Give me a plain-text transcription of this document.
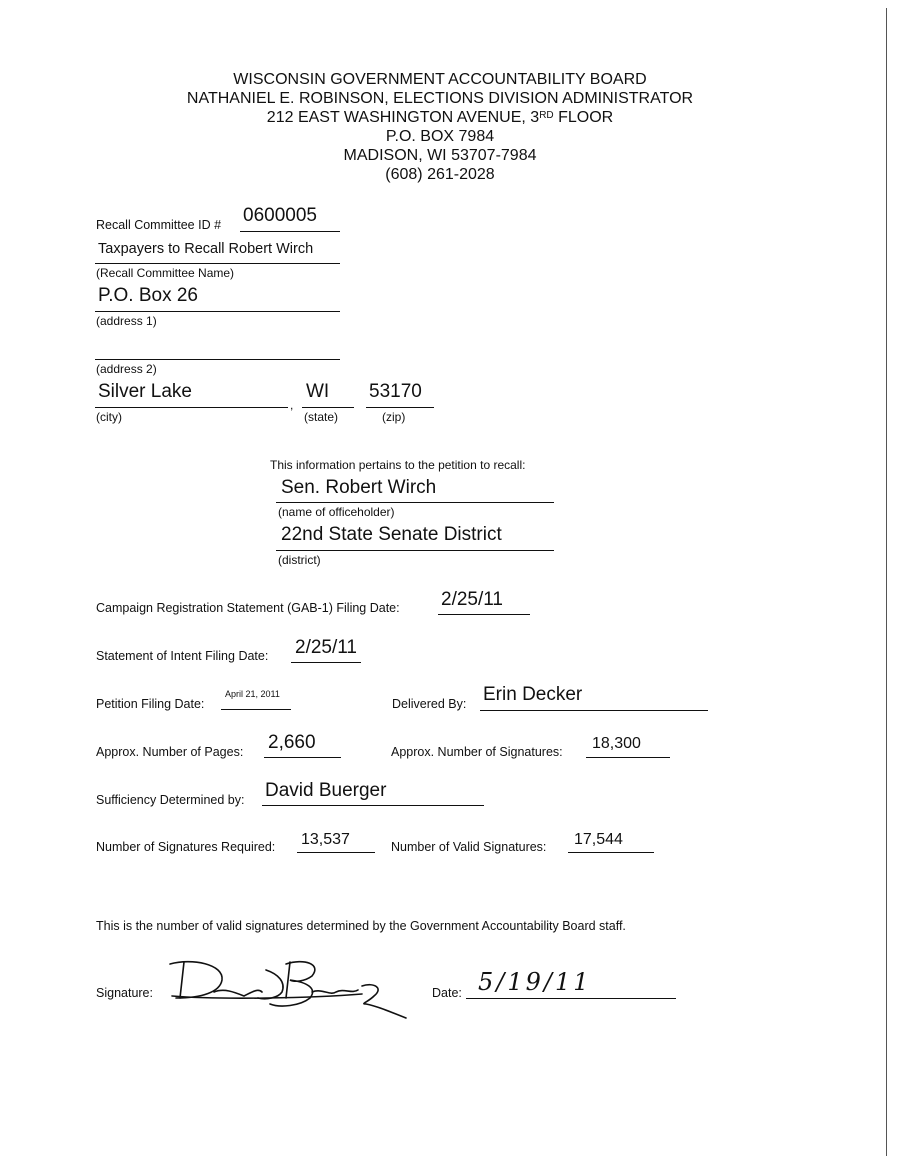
WISCONSIN GOVERNMENT ACCOUNTABILITY BOARD
NATHANIEL E. ROBINSON, ELECTIONS DIVISION ADMINISTRATOR
212 EAST WASHINGTON AVENUE, 3RD FLOOR
P.O. BOX 7984
MADISON, WI 53707-7984
(608) 261-2028
Recall Committee ID # 0600005
Taxpayers to Recall Robert Wirch
(Recall Committee Name)
P.O. Box 26
(address 1)
(address 2)
Silver Lake
,
(city)
WI
(state)
53170
(zip)
This information pertains to the petition to recall:
Sen. Robert Wirch
(name of officeholder)
22nd State Senate District
(district)
Campaign Registration Statement (GAB-1) Filing Date: 2/25/11
Statement of Intent Filing Date: 2/25/11
Petition Filing Date:
April 21, 2011
Delivered By: Erin Decker
Approx. Number of Pages: 2,660	Approx. Number of Signatures: 18,300
Sufficiency Determined by: David Buerger
Number of Signatures Required: 13,537	Number of Valid Signatures: 17,544
This is the number of valid signatures determined by the Government Accountability Board staff.
Signature:	Date: 5/19/11
